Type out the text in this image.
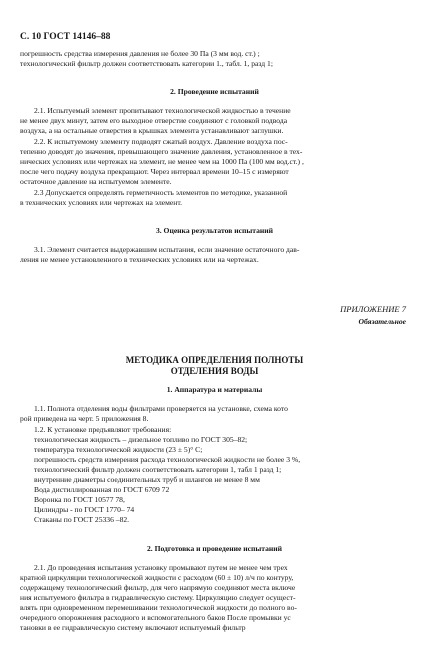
С. 10 ГОСТ 14146–88
погрешность средства измерения давления не более 30 Па (3 мм вод. ст.) ;
технологический фильтр должен соответствовать категории 1., табл. 1, разд 1;
2. Проведение испытаний
2.1. Испытуемый элемент пропитывают технологической жидкостью в течение
не менее двух минут, затем его выходное отверстие соединяют с головкой подвода
воздуха, а на остальные отверстия в крышках элемента устанавливают заглушки.
2.2. К испытуемому элементу подводят сжатый воздух. Давление воздуха пос-
тепенно доводят до значения, превышающего значение давления, установленное в тех-
нических условиях или чертежах на элемент, не менее чем на 1000 Па (100 мм вод.ст.) ,
после чего подачу воздуха прекращают. Через интервал времени 10–15 с измеряют
остаточное давление на испытуемом элементе.
2.3 Допускается определять герметичность элементов по методике, указанной
в технических условиях или чертежах на элемент.
3. Оценка результатов испытаний
3.1. Элемент считается выдержавшим испытания, если значение остаточного дав-
ления не менее установленного в технических условиях или на чертежах.
ПРИЛОЖЕНИЕ 7
Обязательное
МЕТОДИКА ОПРЕДЕЛЕНИЯ ПОЛНОТЫ
ОТДЕЛЕНИЯ ВОДЫ
1. Аппаратура и материалы
1.1. Полнота отделения воды фильтрами проверяется на установке, схема кото
рой приведена на черт. 5 приложения 8.
1.2. К установке предъявляют требования:
технологическая жидкость – дизельное топливо по ГОСТ 305–82;
температура технологической жидкости (23 ± 5)° С;
погрешность средств измерения расхода технологической жидкости не более 3 %,
технологический фильтр должен соответствовать категории 1, табл 1 разд 1;
внутренние диаметры соединительных труб и шлангов не менее 8 мм
Вода дистиллированная по ГОСТ 6709 72
Воронка по ГОСТ 10577 78,
Цилиндры - по ГОСТ 1770– 74
Стаканы по ГОСТ 25336 –82.
2. Подготовка и проведение испытаний
2.1. До проведения испытания установку промывают путем не менее чем трех
кратной циркуляции технологической жидкости с расходом (60 ± 10) л/ч по контуру,
содержащему технологический фильтр, для чего напрямую соединяют места включе
ния испытуемого фильтра в гидравлическую систему. Циркуляцию следует осущест-
влять при одновременном перемешивании технологической жидкости до полного во-
очередного опорожнения расходного и вспомогательного баков После промывки ус
тановки в ее гидравлическую систему включают испытуемый фильтр
